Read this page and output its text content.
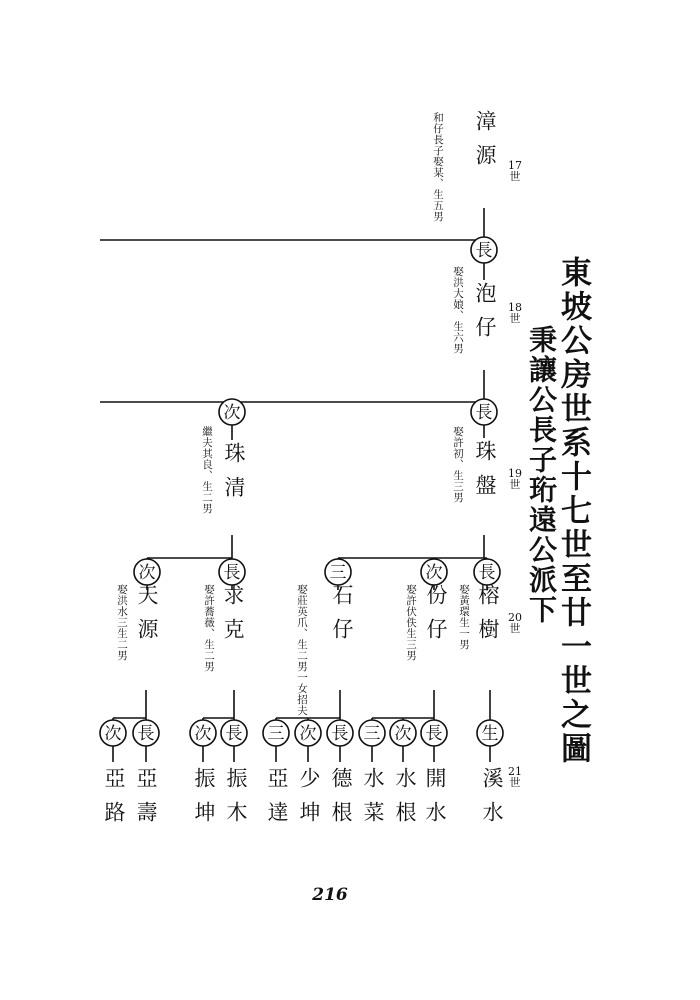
長
長
次
長
次
三
長
次
生
長
次
三
長
次
三
長
次
長
次	東坡公房世系十七世至廿一世之圖
秉讓公長子珩遠公派下
17
世
18
世
19
世
20
世
21
世
漳源
和仔長子娶某、生五男
泡仔
娶洪大娘、生六男
珠盤
娶許初、生三男
珠清
繼夫其良、生二男
榕樹
娶黃環生一男
份仔
娶許伏佚生三男
石仔
娶莊英爪、生二男一女招夫
求克
娶許蕎薇、生二男
天源
娶洪水三生二男
溪水
開水
水根
水菜
德根
少坤
亞達
振木
振坤
亞壽
亞路
216
